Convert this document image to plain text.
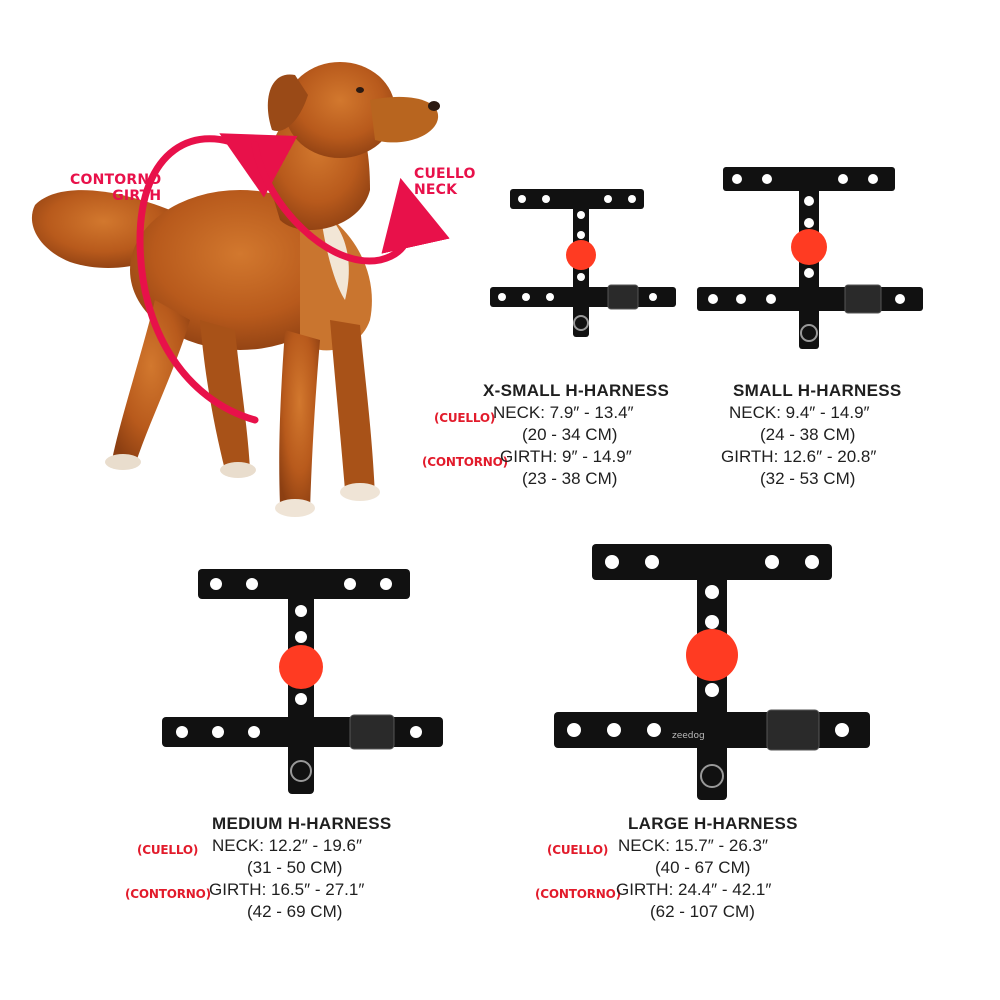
CONTORNO
GIRTH
CUELLO
NECK
zeedog
X-SMALL H-HARNESS
(CUELLO)
NECK: 7.9″ - 13.4″
(20 - 34 CM)
(CONTORNO)
GIRTH: 9″ - 14.9″
(23 - 38 CM)
SMALL H-HARNESS
NECK: 9.4″ - 14.9″
(24 - 38 CM)
GIRTH: 12.6″ - 20.8″
(32 - 53 CM)
MEDIUM H-HARNESS
(CUELLO) NECK: 12.2″ - 19.6″
(31 - 50 CM)
(CONTORNO)
GIRTH: 16.5″ - 27.1″
(42 - 69 CM)
LARGE H-HARNESS
(CUELLO) NECK: 15.7″ - 26.3″
(40 - 67 CM)
(CONTORNO)
GIRTH: 24.4″ - 42.1″
(62 - 107 CM)
